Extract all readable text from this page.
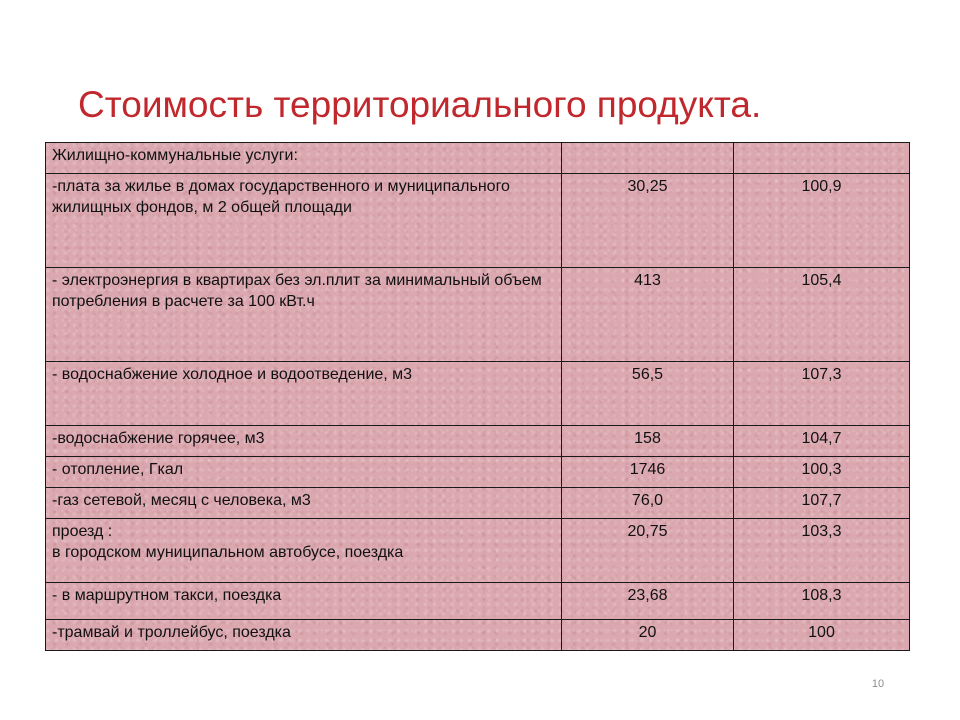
Стоимость территориального продукта.
Жилищно-коммунальные услуги:		
-плата за жилье в домах государственного и муниципального жилищных фондов, м 2 общей площади	30,25	100,9
- электроэнергия в квартирах без эл.плит за минимальный объем потребления в расчете за 100 кВт.ч	413	105,4
- водоснабжение холодное и водоотведение, м3	56,5	107,3
-водоснабжение горячее, м3	158	104,7
- отопление, Гкал	1746	100,3
-газ сетевой, месяц с человека, м3	76,0	107,7

проезд :
в городском муниципальном автобусе, поездка	20,75	103,3
- в маршрутном такси, поездка	23,68	108,3
-трамвай и троллейбус, поездка	20	100
10
